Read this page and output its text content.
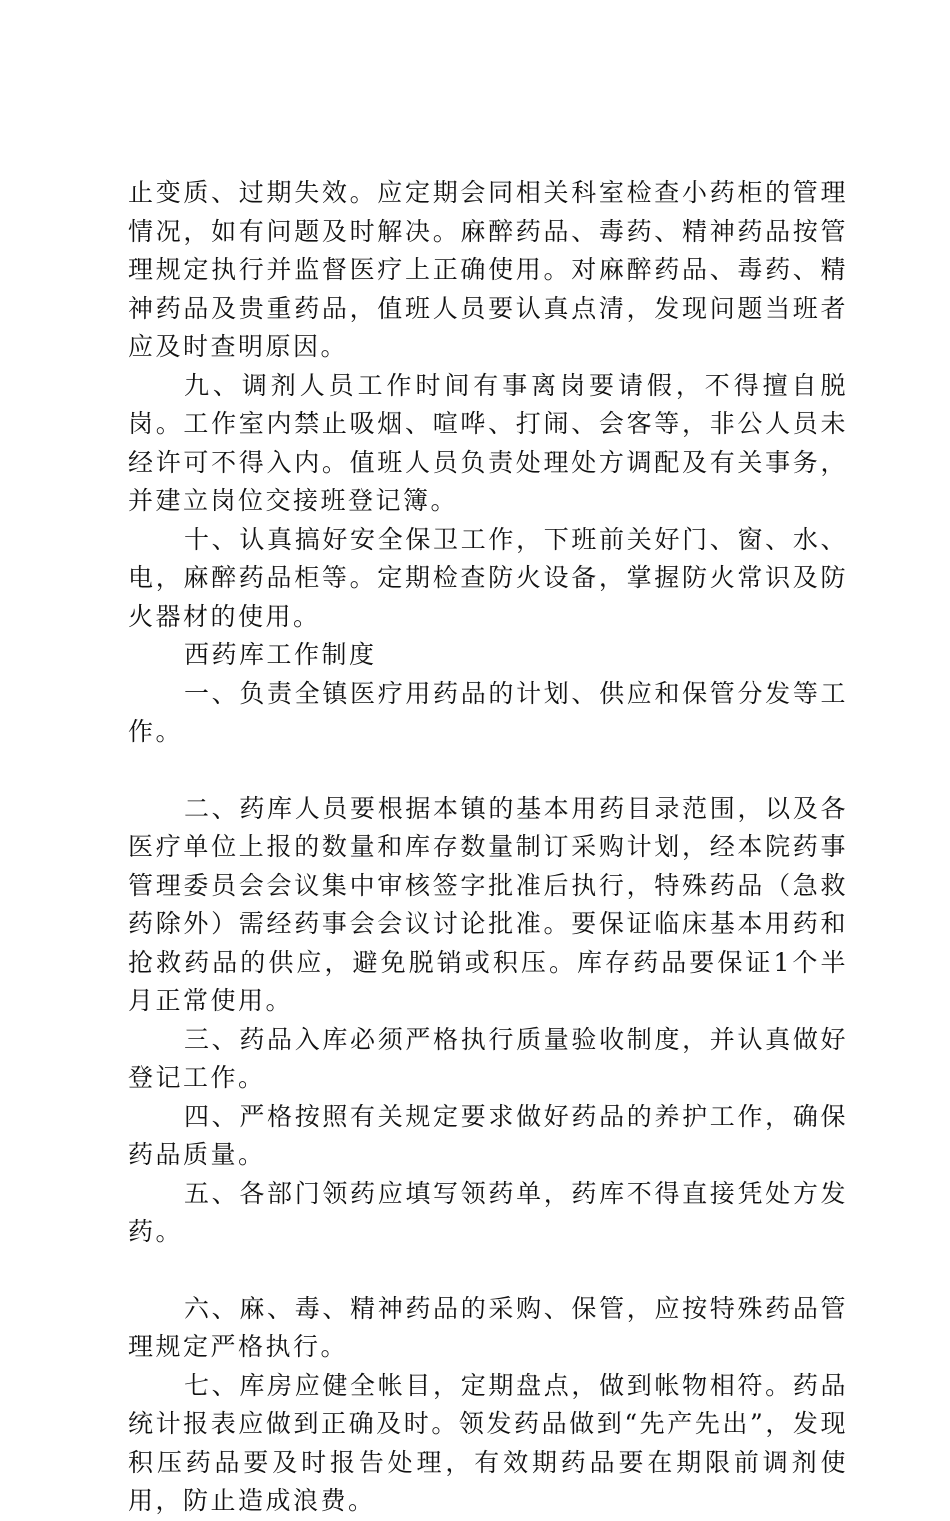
止变质、过期失效。应定期会同相关科室检查小药柜的管理情况，如有问题及时解决。麻醉药品、毒药、精神药品按管理规定执行并监督医疗上正确使用。对麻醉药品、毒药、精神药品及贵重药品，值班人员要认真点清，发现问题当班者应及时查明原因。

九、调剂人员工作时间有事离岗要请假，不得擅自脱岗。工作室内禁止吸烟、喧哗、打闹、会客等，非公人员未经许可不得入内。值班人员负责处理处方调配及有关事务，并建立岗位交接班登记簿。

十、认真搞好安全保卫工作，下班前关好门、窗、水、电，麻醉药品柜等。定期检查防火设备，掌握防火常识及防火器材的使用。

西药库工作制度

一、负责全镇医疗用药品的计划、供应和保管分发等工作。

二、药库人员要根据本镇的基本用药目录范围，以及各医疗单位上报的数量和库存数量制订采购计划，经本院药事管理委员会会议集中审核签字批准后执行，特殊药品（急救药除外）需经药事会会议讨论批准。要保证临床基本用药和抢救药品的供应，避免脱销或积压。库存药品要保证1个半月正常使用。

三、药品入库必须严格执行质量验收制度，并认真做好登记工作。

四、严格按照有关规定要求做好药品的养护工作，确保药品质量。

五、各部门领药应填写领药单，药库不得直接凭处方发药。

六、麻、毒、精神药品的采购、保管，应按特殊药品管理规定严格执行。

七、库房应健全帐目，定期盘点，做到帐物相符。药品统计报表应做到正确及时。领发药品做到“先产先出”，发现积压药品要及时报告处理，有效期药品要在期限前调剂使用，防止造成浪费。
